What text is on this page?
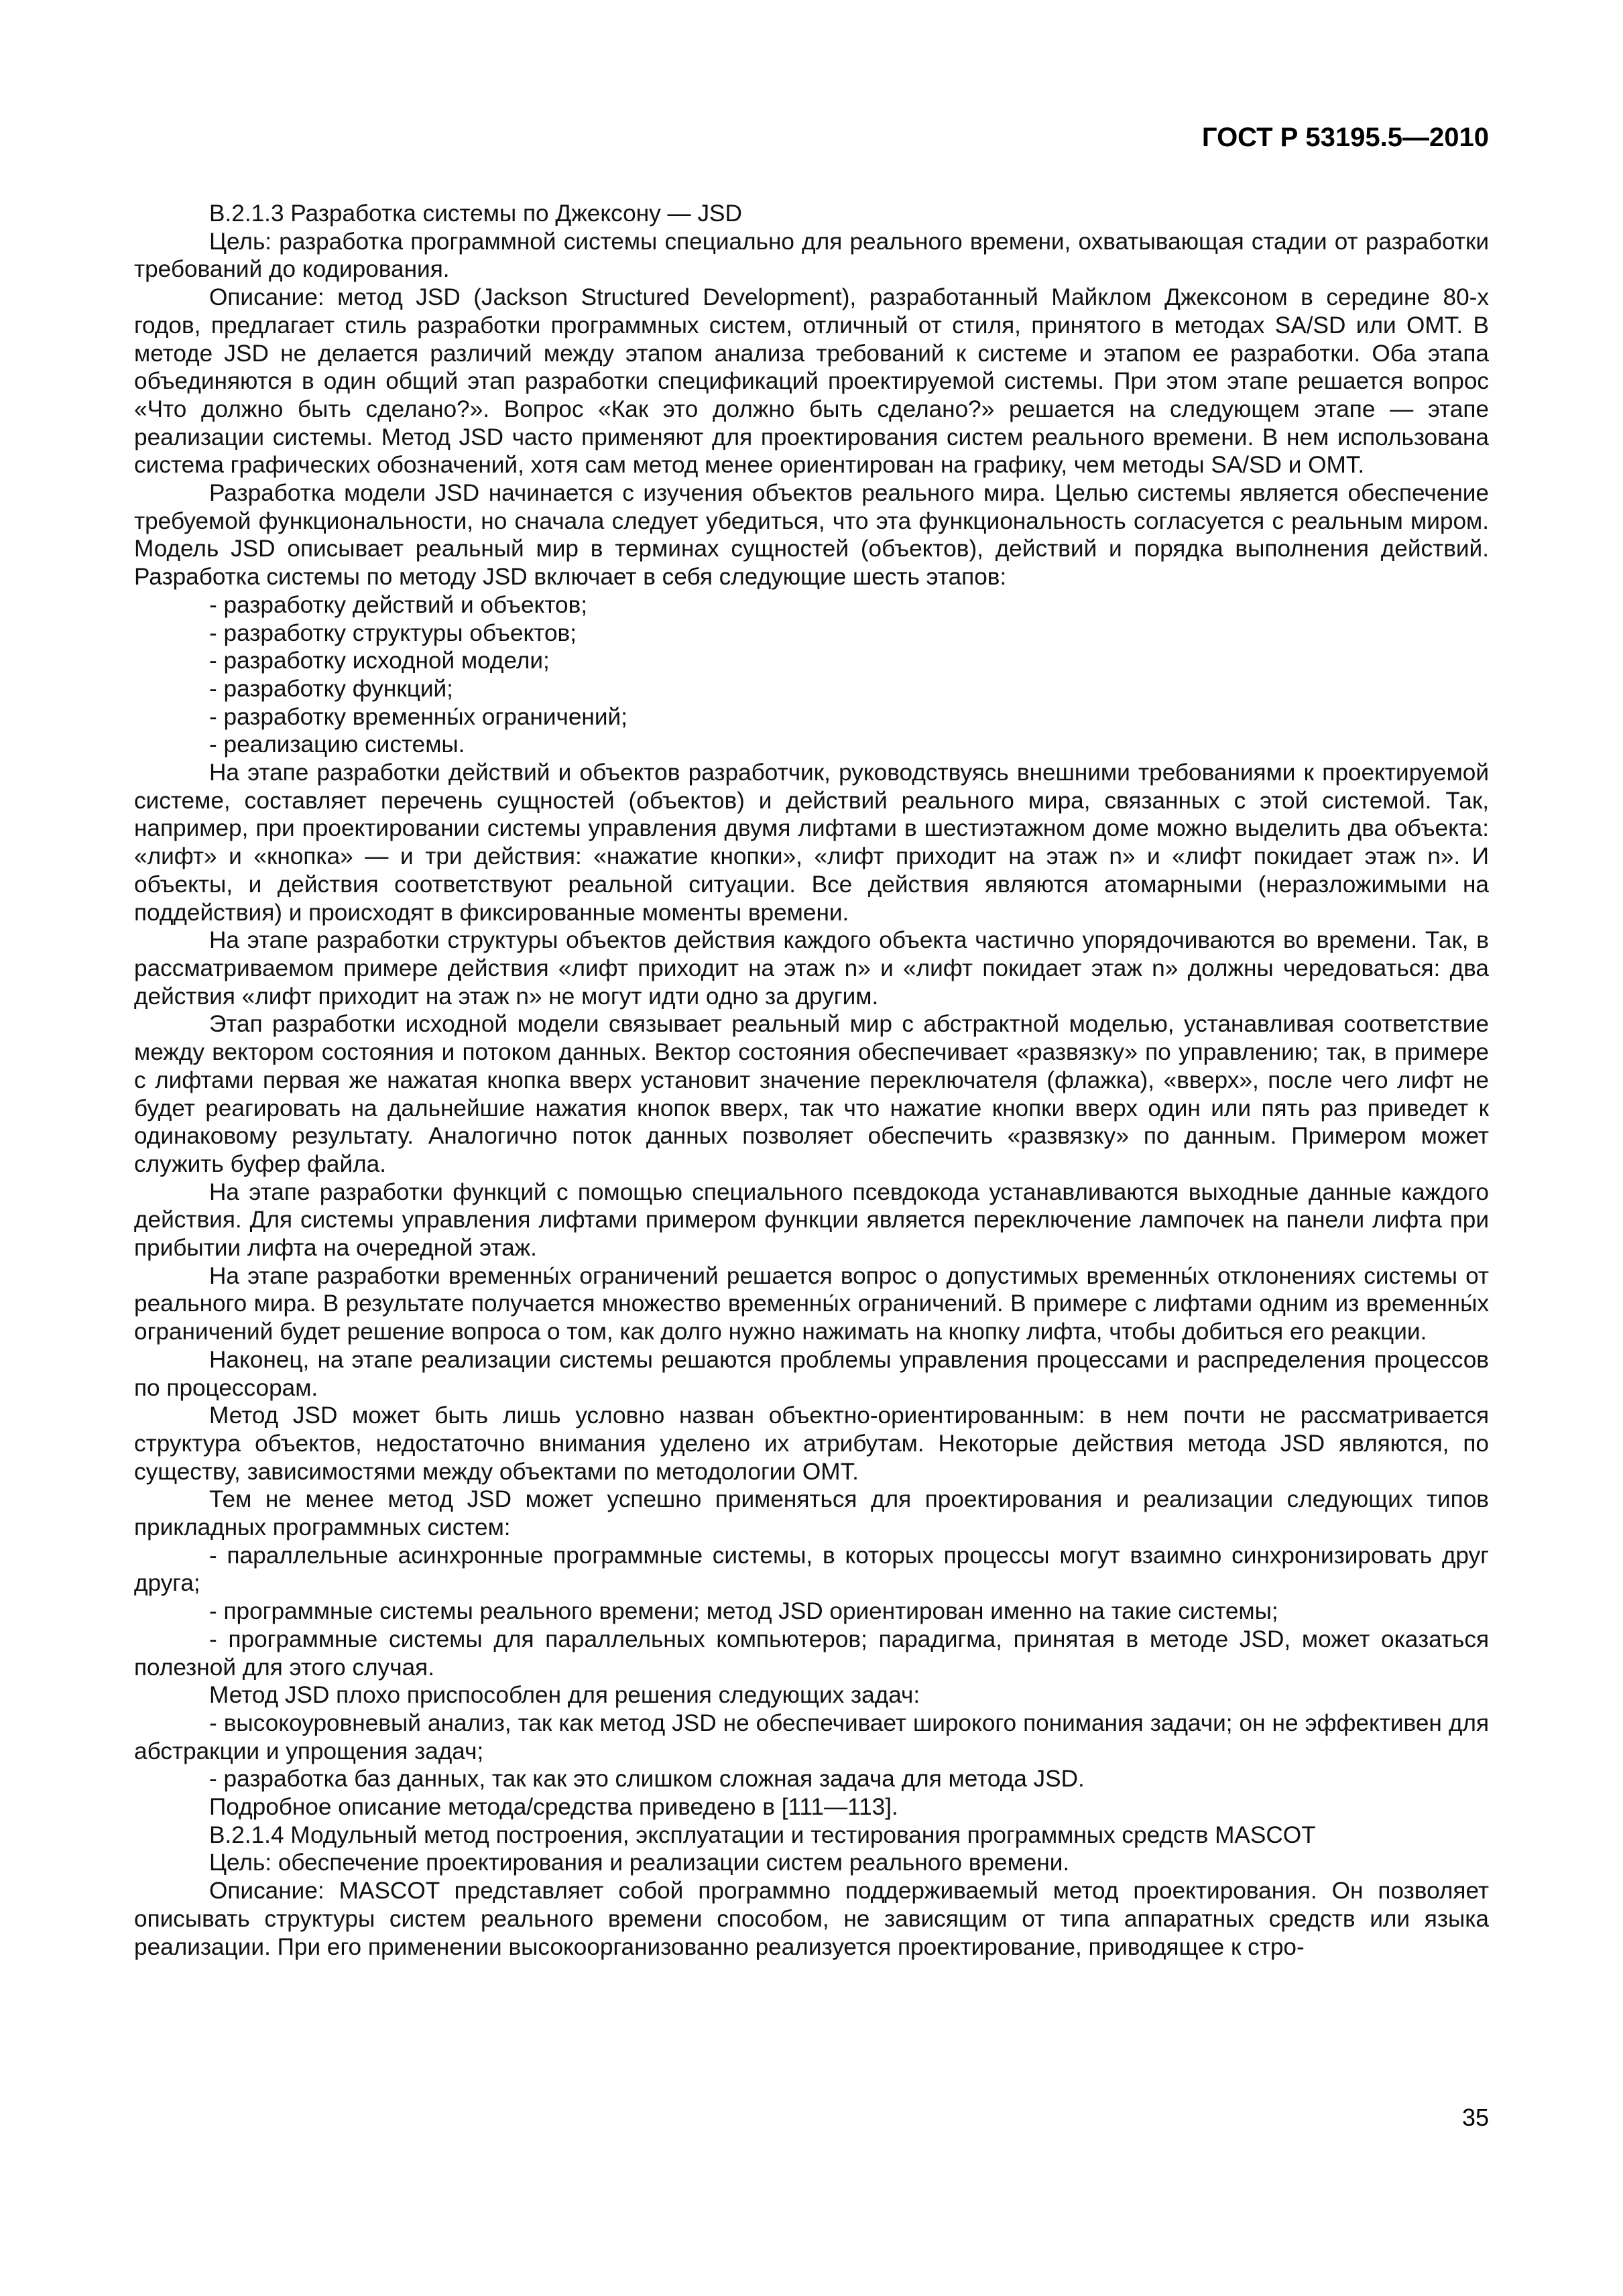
ГОСТ Р 53195.5—2010

В.2.1.3 Разработка системы по Джексону — JSD

Цель: разработка программной системы специально для реального времени, охватывающая стадии от разработки требований до кодирования.

Описание: метод JSD (Jackson Structured Development), разработанный Майклом Джексоном в середине 80-х годов, предлагает стиль разработки программных систем, отличный от стиля, принятого в методах SA/SD или OMT. В методе JSD не делается различий между этапом анализа требований к системе и этапом ее разработки. Оба этапа объединяются в один общий этап разработки спецификаций проектируемой системы. При этом этапе решается вопрос «Что должно быть сделано?». Вопрос «Как это должно быть сделано?» решается на следующем этапе — этапе реализации системы. Метод JSD часто применяют для проектирования систем реального времени. В нем использована система графических обозначений, хотя сам метод менее ориентирован на графику, чем методы SA/SD и OMT.

Разработка модели JSD начинается с изучения объектов реального мира. Целью системы является обеспечение требуемой функциональности, но сначала следует убедиться, что эта функциональность согласуется с реальным миром. Модель JSD описывает реальный мир в терминах сущностей (объектов), действий и порядка выполнения действий. Разработка системы по методу JSD включает в себя следующие шесть этапов:

- разработку действий и объектов;

- разработку структуры объектов;

- разработку исходной модели;

- разработку функций;

- разработку временны́х ограничений;

- реализацию системы.

На этапе разработки действий и объектов разработчик, руководствуясь внешними требованиями к проектируемой системе, составляет перечень сущностей (объектов) и действий реального мира, связанных с этой системой. Так, например, при проектировании системы управления двумя лифтами в шестиэтажном доме можно выделить два объекта: «лифт» и «кнопка» — и три действия: «нажатие кнопки», «лифт приходит на этаж n» и «лифт покидает этаж n». И объекты, и действия соответствуют реальной ситуации. Все действия являются атомарными (неразложимыми на поддействия) и происходят в фиксированные моменты времени.

На этапе разработки структуры объектов действия каждого объекта частично упорядочиваются во времени. Так, в рассматриваемом примере действия «лифт приходит на этаж n» и «лифт покидает этаж n» должны чередоваться: два действия «лифт приходит на этаж n» не могут идти одно за другим.

Этап разработки исходной модели связывает реальный мир с абстрактной моделью, устанавливая соответствие между вектором состояния и потоком данных. Вектор состояния обеспечивает «развязку» по управлению; так, в примере с лифтами первая же нажатая кнопка вверх установит значение переключателя (флажка), «вверх», после чего лифт не будет реагировать на дальнейшие нажатия кнопок вверх, так что нажатие кнопки вверх один или пять раз приведет к одинаковому результату. Аналогично поток данных позволяет обеспечить «развязку» по данным. Примером может служить буфер файла.

На этапе разработки функций с помощью специального псевдокода устанавливаются выходные данные каждого действия. Для системы управления лифтами примером функции является переключение лампочек на панели лифта при прибытии лифта на очередной этаж.

На этапе разработки временны́х ограничений решается вопрос о допустимых временны́х отклонениях системы от реального мира. В результате получается множество временны́х ограничений. В примере с лифтами одним из временны́х ограничений будет решение вопроса о том, как долго нужно нажимать на кнопку лифта, чтобы добиться его реакции.

Наконец, на этапе реализации системы решаются проблемы управления процессами и распределения процессов по процессорам.

Метод JSD может быть лишь условно назван объектно-ориентированным: в нем почти не рассматривается структура объектов, недостаточно внимания уделено их атрибутам. Некоторые действия метода JSD являются, по существу, зависимостями между объектами по методологии OMT.

Тем не менее метод JSD может успешно применяться для проектирования и реализации следующих типов прикладных программных систем:

- параллельные асинхронные программные системы, в которых процессы могут взаимно синхронизировать друг друга;

- программные системы реального времени; метод JSD ориентирован именно на такие системы;

- программные системы для параллельных компьютеров; парадигма, принятая в методе JSD, может оказаться полезной для этого случая.

Метод JSD плохо приспособлен для решения следующих задач:

- высокоуровневый анализ, так как метод JSD не обеспечивает широкого понимания задачи; он не эффективен для абстракции и упрощения задач;

- разработка баз данных, так как это слишком сложная задача для метода JSD.

Подробное описание метода/средства приведено в [111—113].

В.2.1.4 Модульный метод построения, эксплуатации и тестирования программных средств MASCOT

Цель: обеспечение проектирования и реализации систем реального времени.

Описание: MASCOT представляет собой программно поддерживаемый метод проектирования. Он позволяет описывать структуры систем реального времени способом, не зависящим от типа аппаратных средств или языка реализации. При его применении высокоорганизованно реализуется проектирование, приводящее к стро-

35
